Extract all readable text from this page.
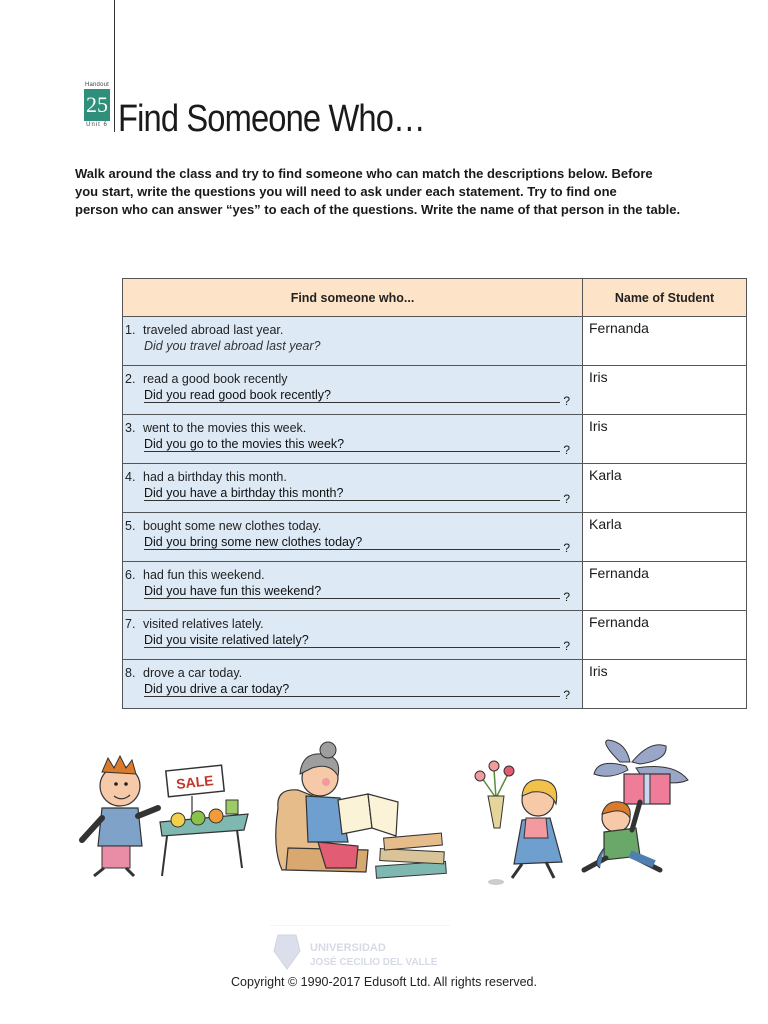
Handout
25
Unit 6 Find Someone Who…
Walk around the class and try to find someone who can match the descriptions below. Before
you start, write the questions you will need to ask under each statement. Try to find one
person who can answer “yes” to each of the questions. Write the name of that person in the table.
Find someone who...	Name of Student

1. traveled abroad last year.
Did you travel abroad last year?	Fernanda

2. read a good book recently
Did you read good book recently? ?	Iris

3. went to the movies this week.
Did you go to the movies this week? ?	Iris

4. had a birthday this month.
Did you have a birthday this month? ?	Karla

5. bought some new clothes today.
Did you bring some new clothes today? ?	Karla

6. had fun this weekend.
Did you have fun this weekend? ?	Fernanda

7. visited relatives lately.
Did you visite relatived lately? ?	Fernanda

8. drove a car today.
Did you drive a car today? ?	Iris
SALE
UNIVERSIDAD
JOSÉ CECILIO DEL VALLE
Copyright © 1990-2017 Edusoft Ltd. All rights reserved.
